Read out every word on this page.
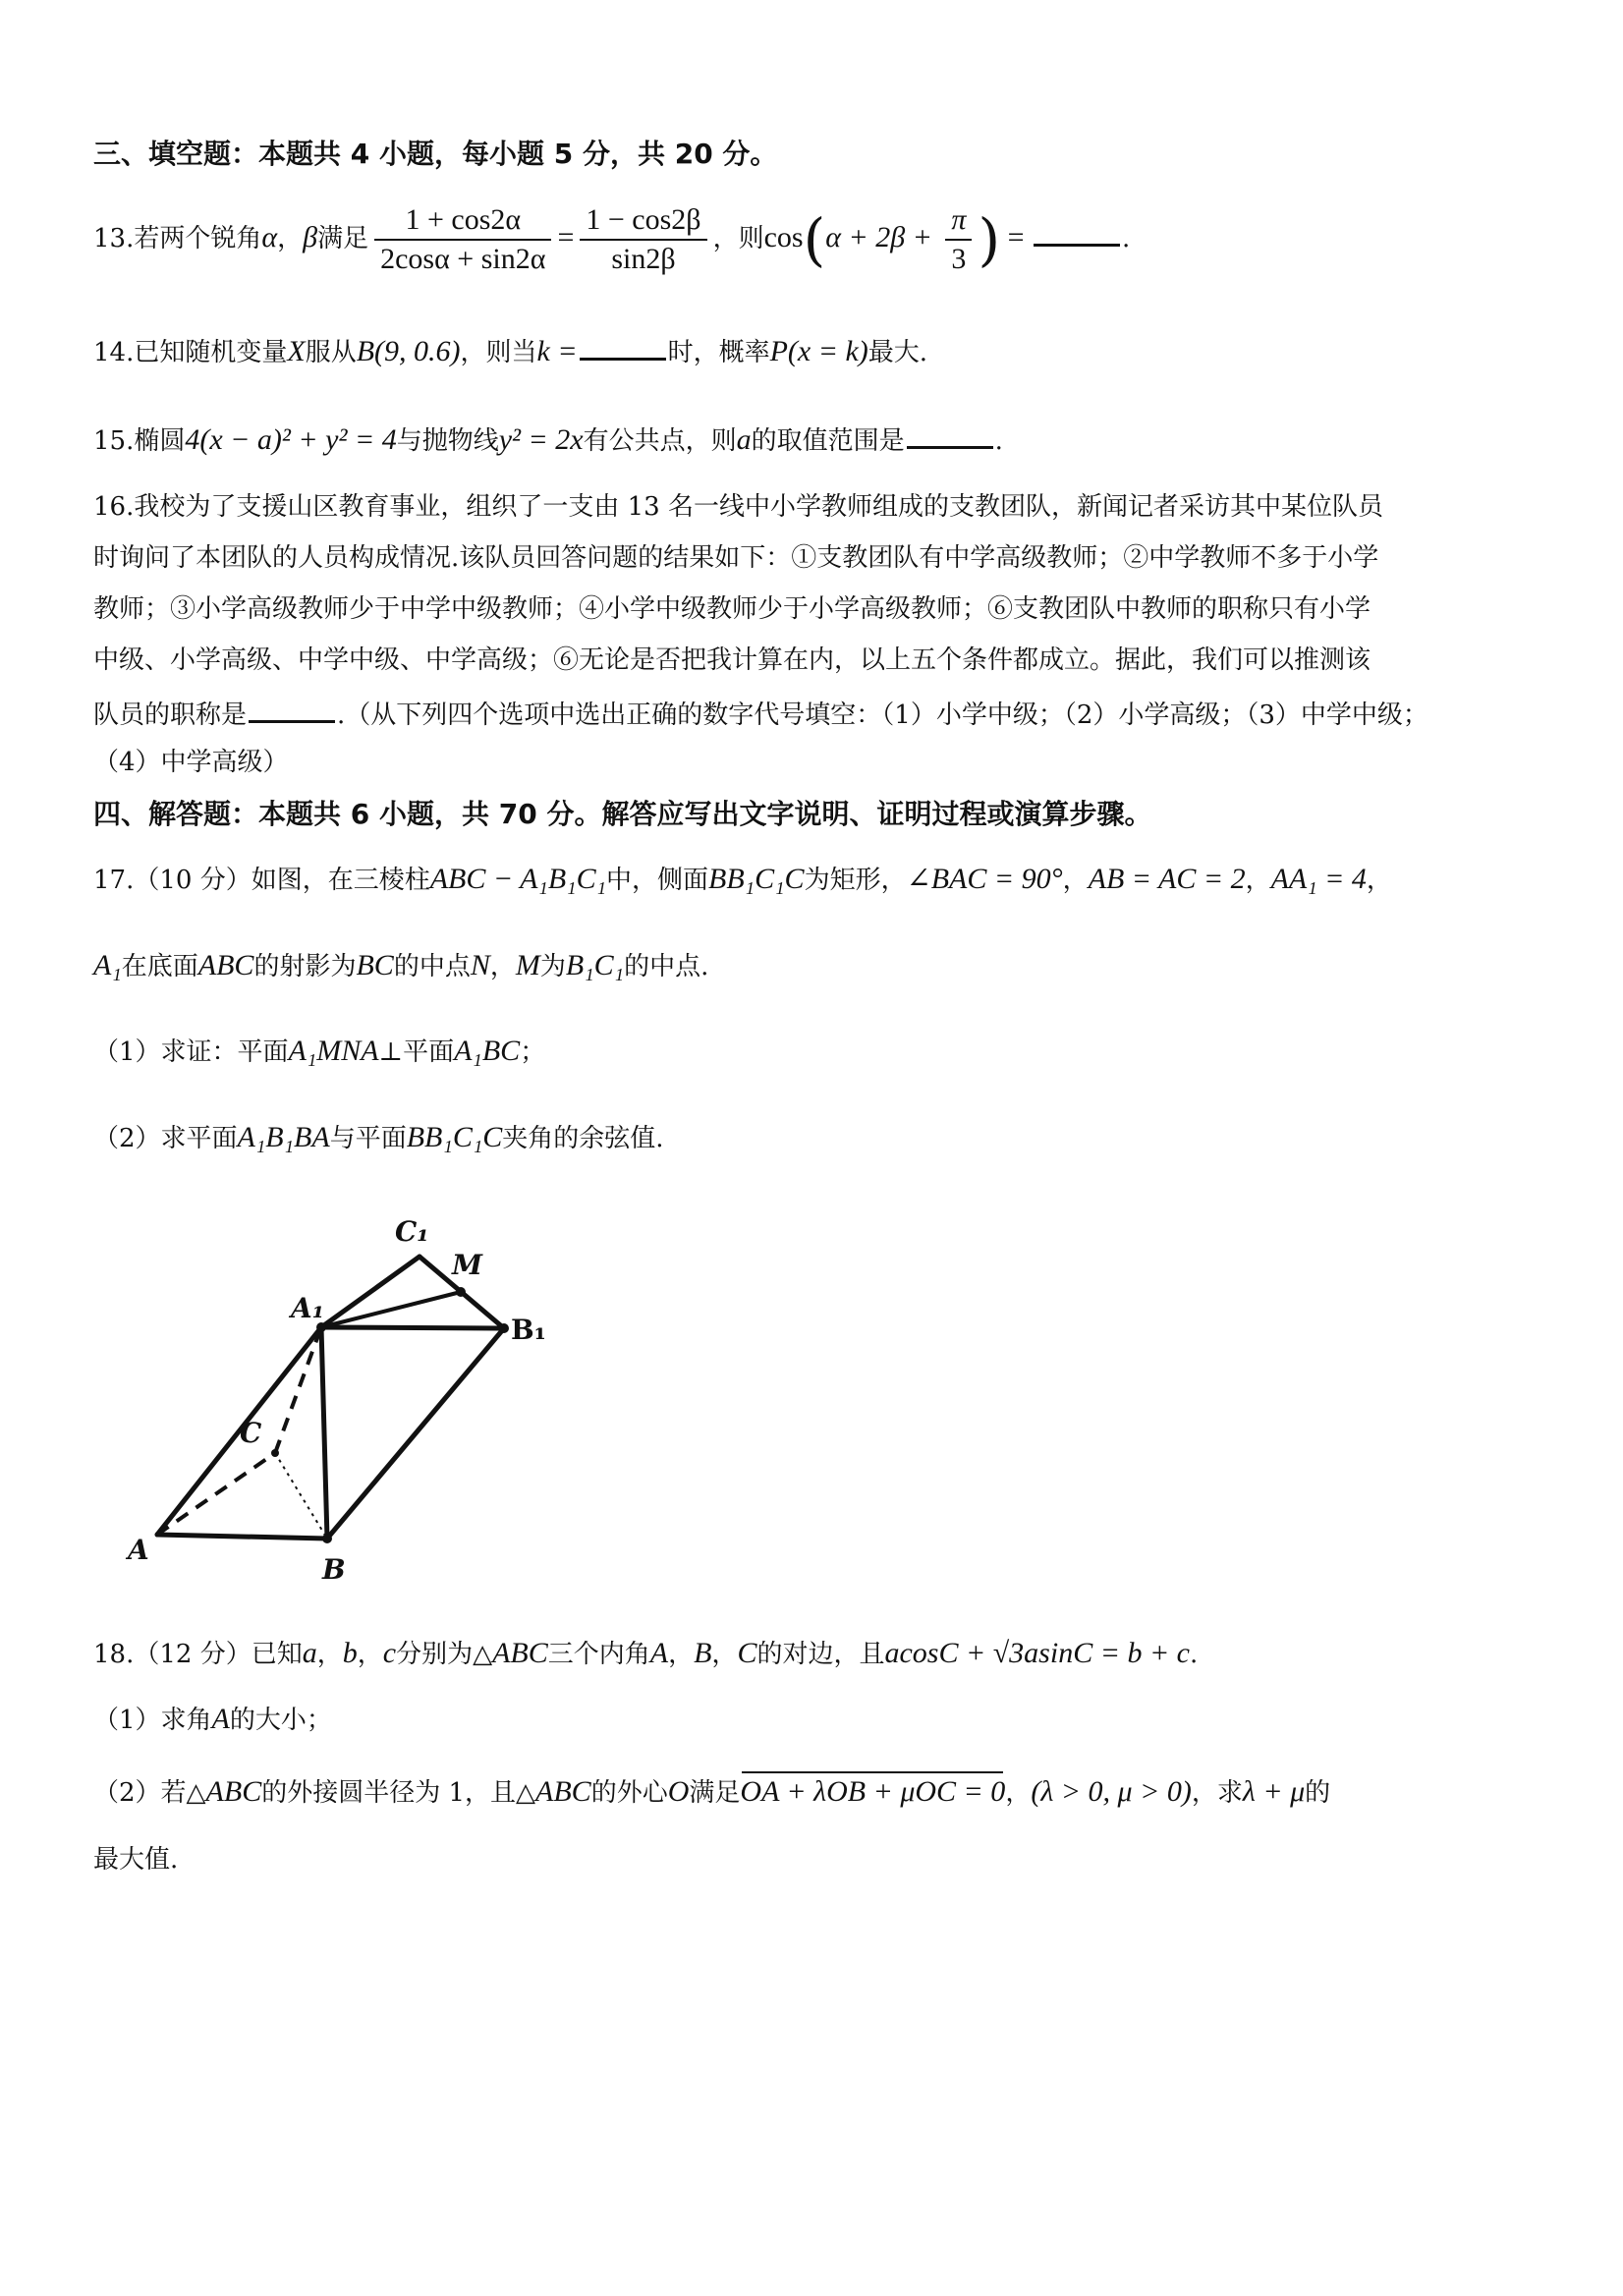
三、填空题：本题共 4 小题，每小题 5 分，共 20 分。
13.若两个锐角α，β满足 $\frac{1 + \cos 2\alpha}{2\cos\alpha + \sin 2\alpha} = \frac{1 - \cos 2\beta}{\sin 2\beta}$ ，则$\cos(\alpha + 2\beta + \frac{\pi}{3}$ ) =	.
14.已知随机变量X服从B(9, 0.6)，则当k =	时，概率P(x = k)最大.
15.椭圆4(x − a)² + y² = 4与抛物线y² = 2x有公共点，则a的取值范围是	.
16.我校为了支援山区教育事业，组织了一支由 13 名一线中小学教师组成的支教团队，新闻记者采访其中某位队员
时询问了本团队的人员构成情况.该队员回答问题的结果如下：①支教团队有中学高级教师；②中学教师不多于小学
教师；③小学高级教师少于中学中级教师；④小学中级教师少于小学高级教师；⑥支教团队中教师的职称只有小学
中级、小学高级、中学中级、中学高级；⑥无论是否把我计算在内，以上五个条件都成立。据此，我们可以推测该
队员的职称是	.（从下列四个选项中选出正确的数字代号填空：（1）小学中级；（2）小学高级；（3）中学中级；
（4）中学高级）
四、解答题：本题共 6 小题，共 70 分。解答应写出文字说明、证明过程或演算步骤。
17.（10 分）如图，在三棱柱ABC − A₁B₁C₁中，侧面BB₁C₁C为矩形，∠BAC = 90°，AB = AC = 2，AA₁ = 4，
A₁在底面ABC的射影为BC的中点N，M为B₁C₁的中点.
（1）求证：平面A₁MNA⊥平面A₁BC；
（2）求平面A₁B₁BA与平面BB₁C₁C夹角的余弦值.
C₁
M
A₁
B₁
C
A
B
18.（12 分）已知a，b，c分别为△ABC三个内角A，B，C的对边，且acosC + √3asinC = b + c.
（1）求角A的大小；
（2）若△ABC的外接圆半径为 1，且△ABC的外心O满足OA + λOB + μOC = 0，(λ > 0, μ > 0)，求λ + μ的
最大值.
